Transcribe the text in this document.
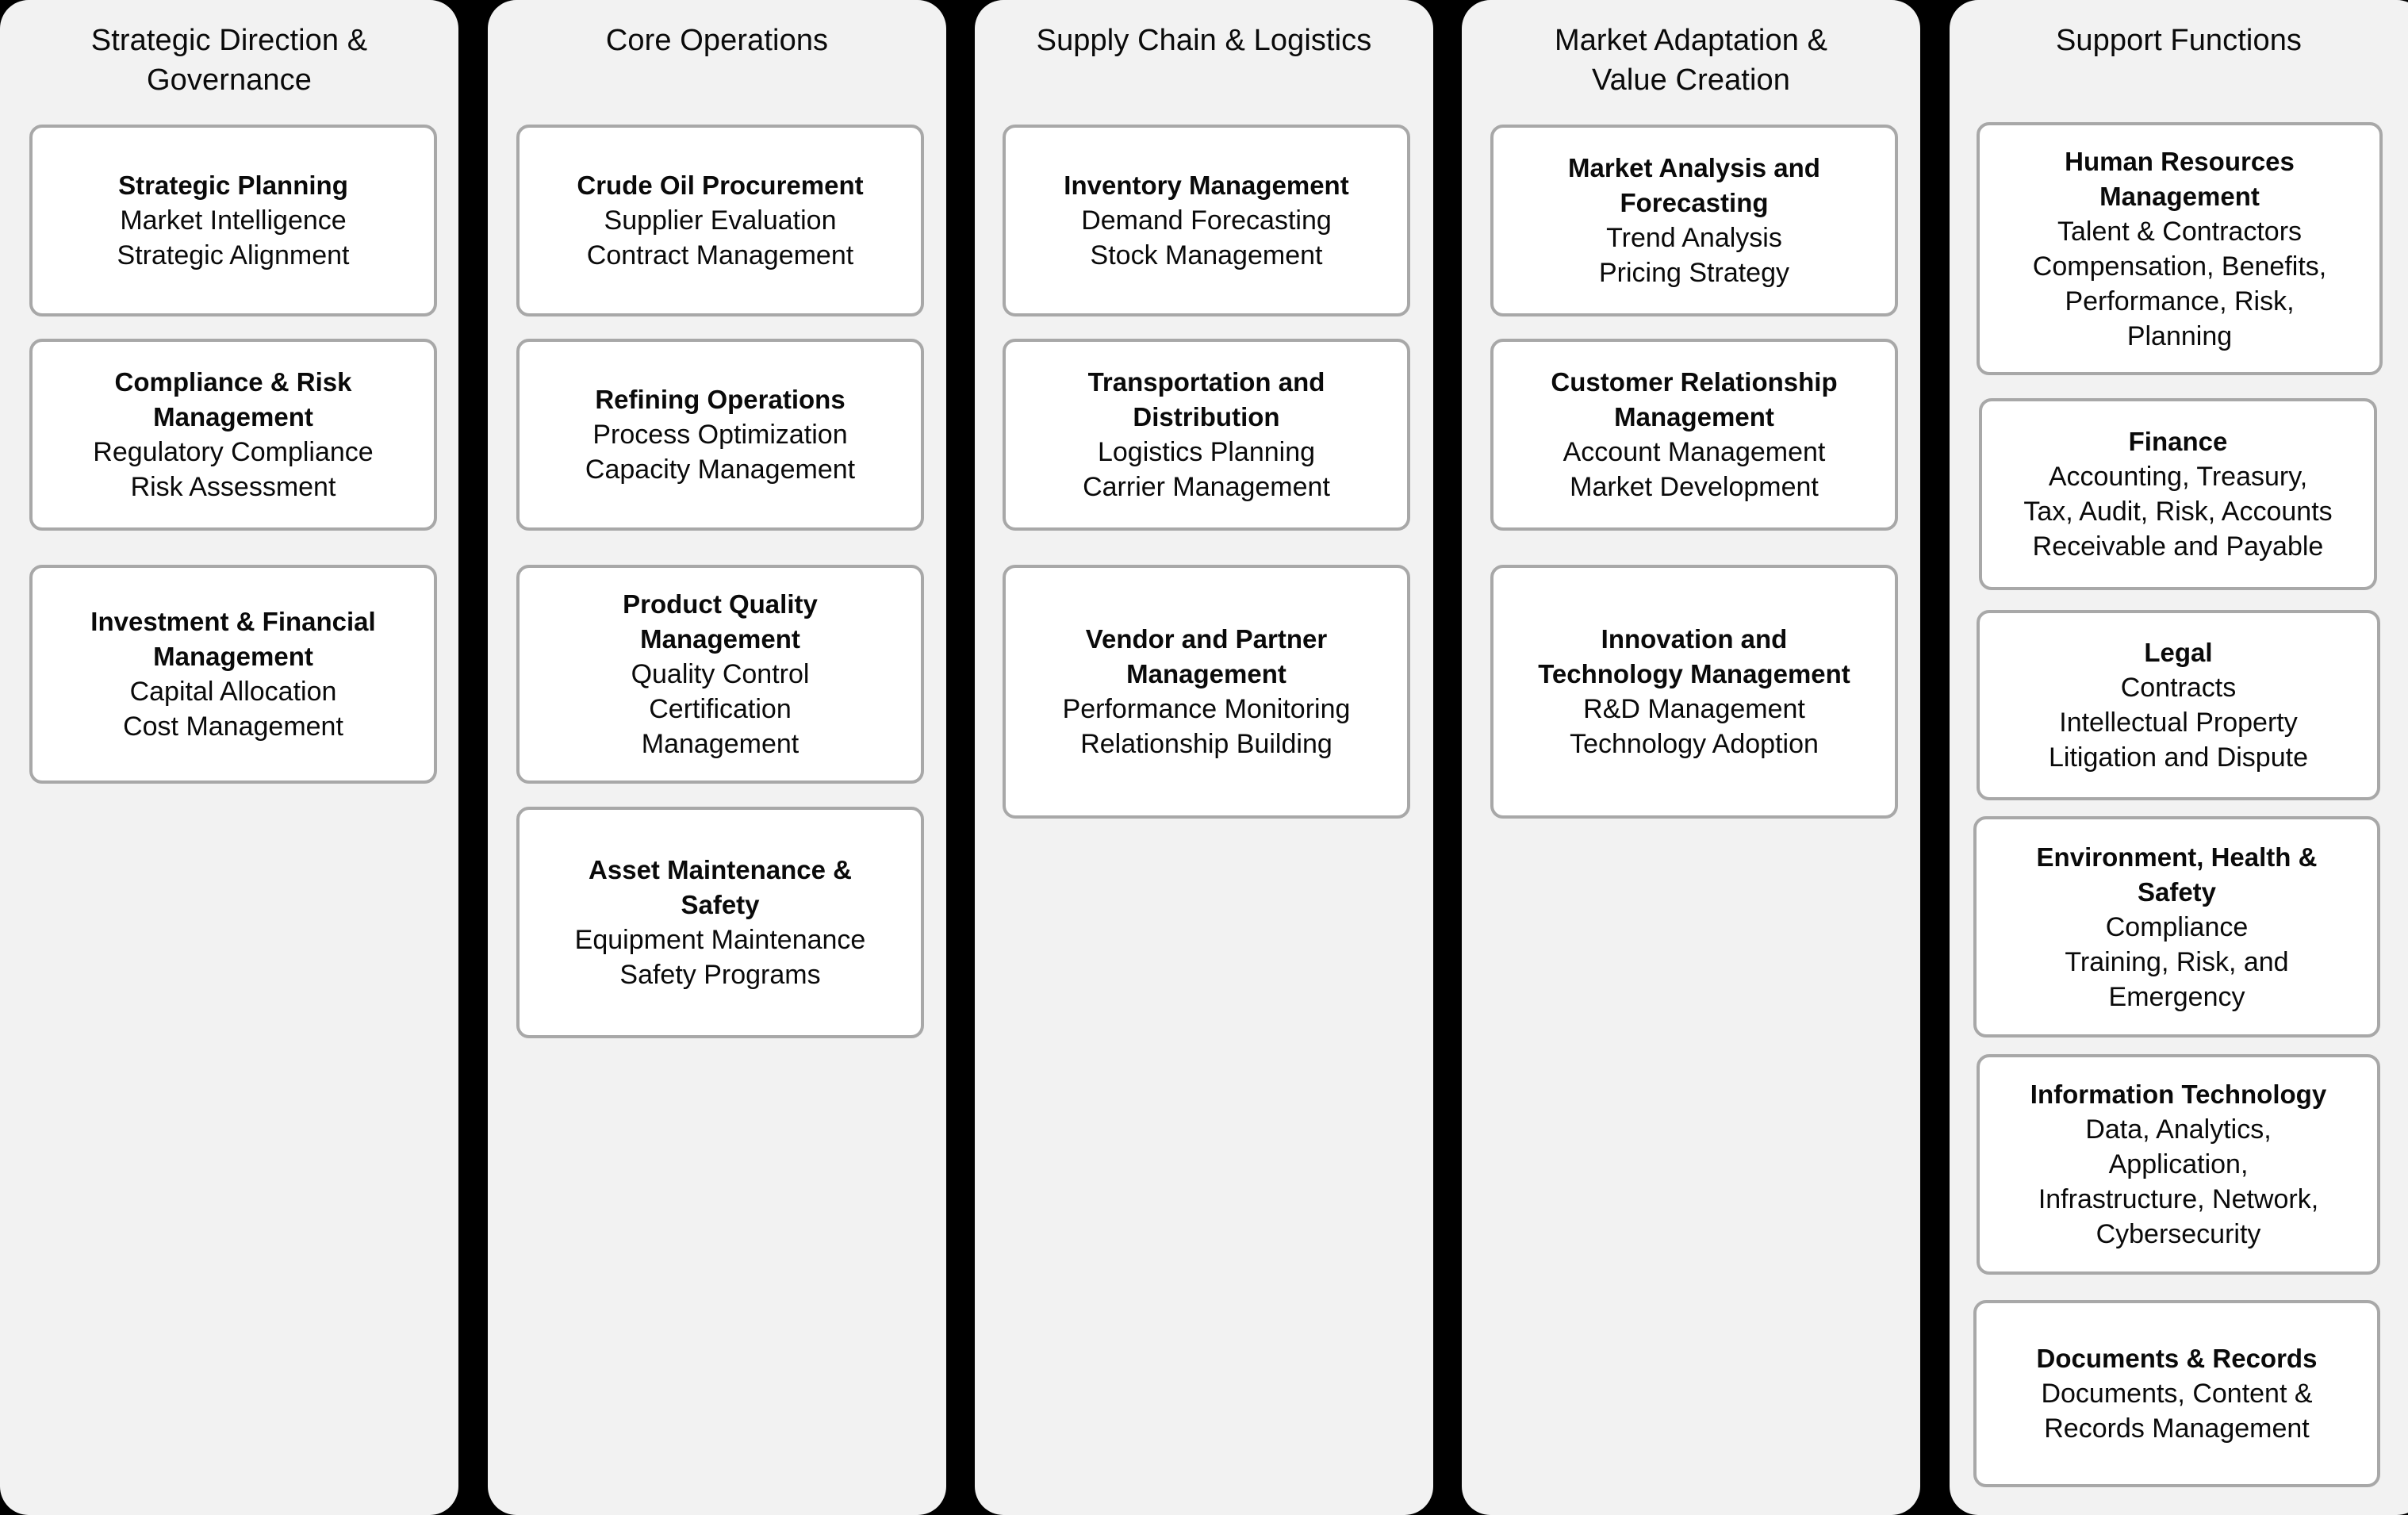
Strategic Direction &
Governance
Strategic Planning
Market Intelligence
Strategic Alignment
Compliance & Risk
Management
Regulatory Compliance
Risk Assessment
Investment & Financial
Management
Capital Allocation
Cost Management
Core Operations
Crude Oil Procurement
Supplier Evaluation
Contract Management
Refining Operations
Process Optimization
Capacity Management
Product Quality
Management
Quality Control
Certification
Management
Asset Maintenance &
Safety
Equipment Maintenance
Safety Programs
Supply Chain & Logistics
Inventory Management
Demand Forecasting
Stock Management
Transportation and
Distribution
Logistics Planning
Carrier Management
Vendor and Partner
Management
Performance Monitoring
Relationship Building
Market Adaptation &
Value Creation
Market Analysis and
Forecasting
Trend Analysis
Pricing Strategy
Customer Relationship
Management
Account Management
Market Development
Innovation and
Technology Management
R&D Management
Technology Adoption
Support Functions
Human Resources
Management
Talent & Contractors
Compensation, Benefits,
Performance, Risk,
Planning
Finance
Accounting, Treasury,
Tax, Audit, Risk, Accounts
Receivable and Payable
Legal
Contracts
Intellectual Property
Litigation and Dispute
Environment, Health &
Safety
Compliance
Training, Risk, and
Emergency
Information Technology
Data, Analytics,
Application,
Infrastructure, Network,
Cybersecurity
Documents & Records
Documents, Content &
Records Management
